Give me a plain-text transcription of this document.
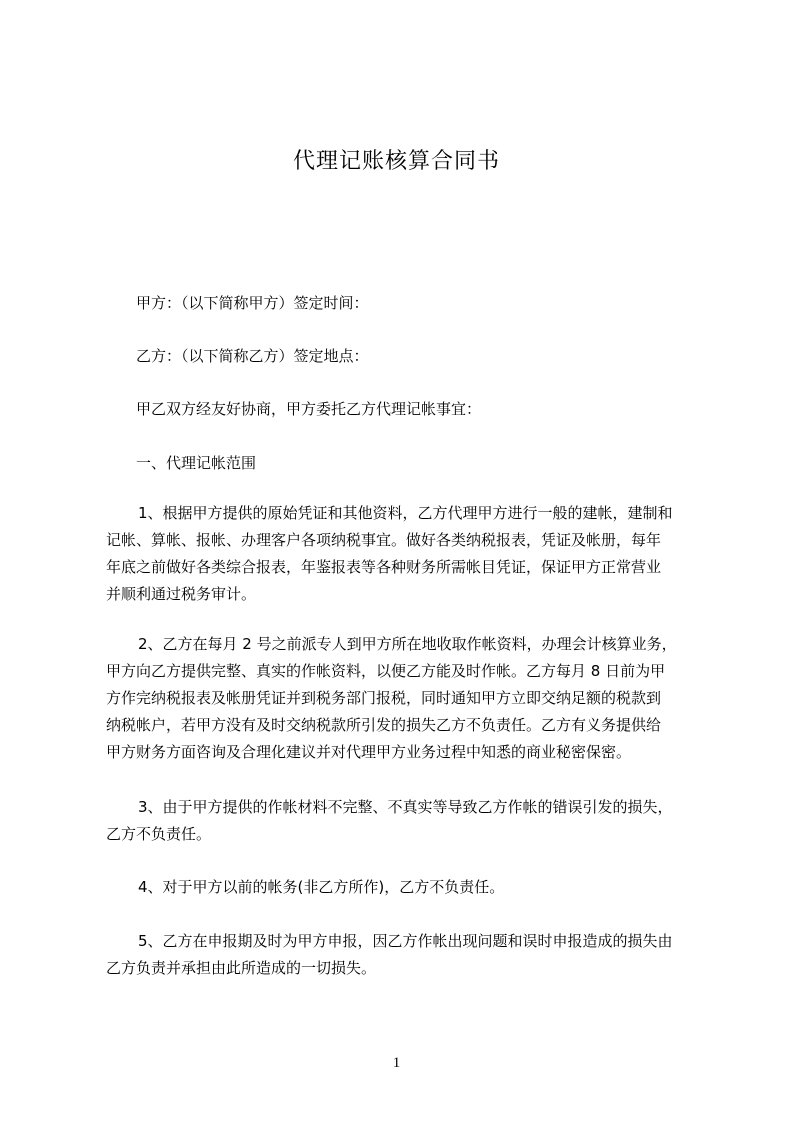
代理记账核算合同书
甲方：（以下简称甲方）签定时间：
乙方：（以下简称乙方）签定地点：
甲乙双方经友好协商，甲方委托乙方代理记帐事宜：
一、代理记帐范围
1、根据甲方提供的原始凭证和其他资料，乙方代理甲方进行一般的建帐，建制和
记帐、算帐、报帐、办理客户各项纳税事宜。做好各类纳税报表，凭证及帐册，每年
年底之前做好各类综合报表，年鉴报表等各种财务所需帐目凭证，保证甲方正常营业
并顺利通过税务审计。
2、乙方在每月 2 号之前派专人到甲方所在地收取作帐资料，办理会计核算业务，
甲方向乙方提供完整、真实的作帐资料，以便乙方能及时作帐。乙方每月 8 日前为甲
方作完纳税报表及帐册凭证并到税务部门报税，同时通知甲方立即交纳足额的税款到
纳税帐户，若甲方没有及时交纳税款所引发的损失乙方不负责任。乙方有义务提供给
甲方财务方面咨询及合理化建议并对代理甲方业务过程中知悉的商业秘密保密。
3、由于甲方提供的作帐材料不完整、不真实等导致乙方作帐的错误引发的损失，
乙方不负责任。
4、对于甲方以前的帐务(非乙方所作)，乙方不负责任。
5、乙方在申报期及时为甲方申报，因乙方作帐出现问题和误时申报造成的损失由
乙方负责并承担由此所造成的一切损失。
1
